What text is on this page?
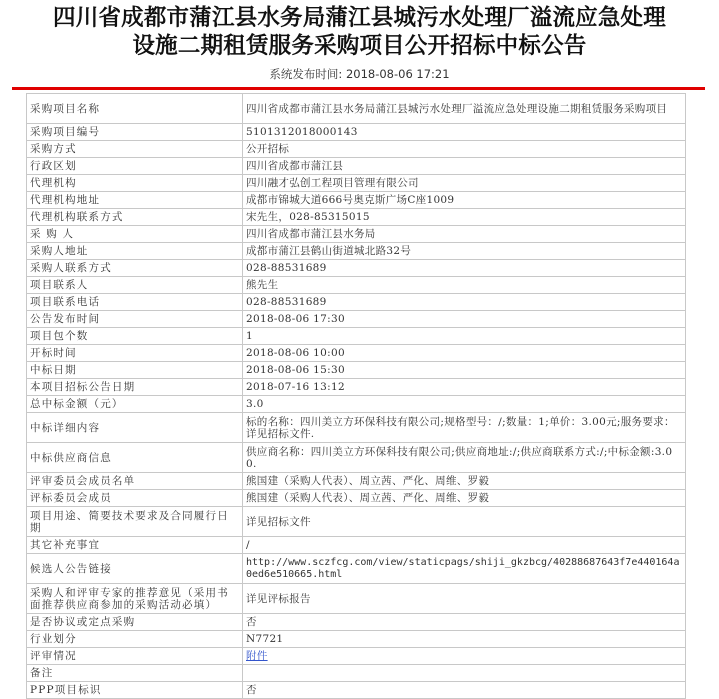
四川省成都市蒲江县水务局蒲江县城污水处理厂溢流应急处理
设施二期租赁服务采购项目公开招标中标公告
系统发布时间: 2018-08-06 17:21
采购项目名称	四川省成都市蒲江县水务局蒲江县城污水处理厂溢流应急处理设施二期租赁服务采购项目
采购项目编号	5101312018000143
采购方式	公开招标
行政区划	四川省成都市蒲江县
代理机构	四川融才弘创工程项目管理有限公司
代理机构地址	成都市锦城大道666号奥克斯广场C座1009
代理机构联系方式	宋先生，028-85315015
采 购 人	四川省成都市蒲江县水务局
采购人地址	成都市蒲江县鹤山街道城北路32号
采购人联系方式	028-88531689
项目联系人	熊先生
项目联系电话	028-88531689
公告发布时间	2018-08-06 17:30
项目包个数	1
开标时间	2018-08-06 10:00
中标日期	2018-08-06 15:30
本项目招标公告日期	2018-07-16 13:12
总中标金额（元）	3.0
中标详细内容	标的名称：四川美立方环保科技有限公司;规格型号：/;数量：1;单价：3.00元;服务要求：详见招标文件.
中标供应商信息	供应商名称：四川美立方环保科技有限公司;供应商地址:/;供应商联系方式:/;中标金额:3.00.
评审委员会成员名单	熊国建（采购人代表）、周立茜、严化、周维、罗毅
评标委员会成员	熊国建（采购人代表）、周立茜、严化、周维、罗毅
项目用途、简要技术要求及合同履行日期	详见招标文件
其它补充事宜	/
候选人公告链接	http://www.sczfcg.com/view/staticpags/shiji_gkzbcg/40288687643f7e440164a0ed6e510665.html
采购人和评审专家的推荐意见（采用书面推荐供应商参加的采购活动必填）	详见评标报告
是否协议或定点采购	否
行业划分	N7721
评审情况	附件
备注	
PPP项目标识	否
